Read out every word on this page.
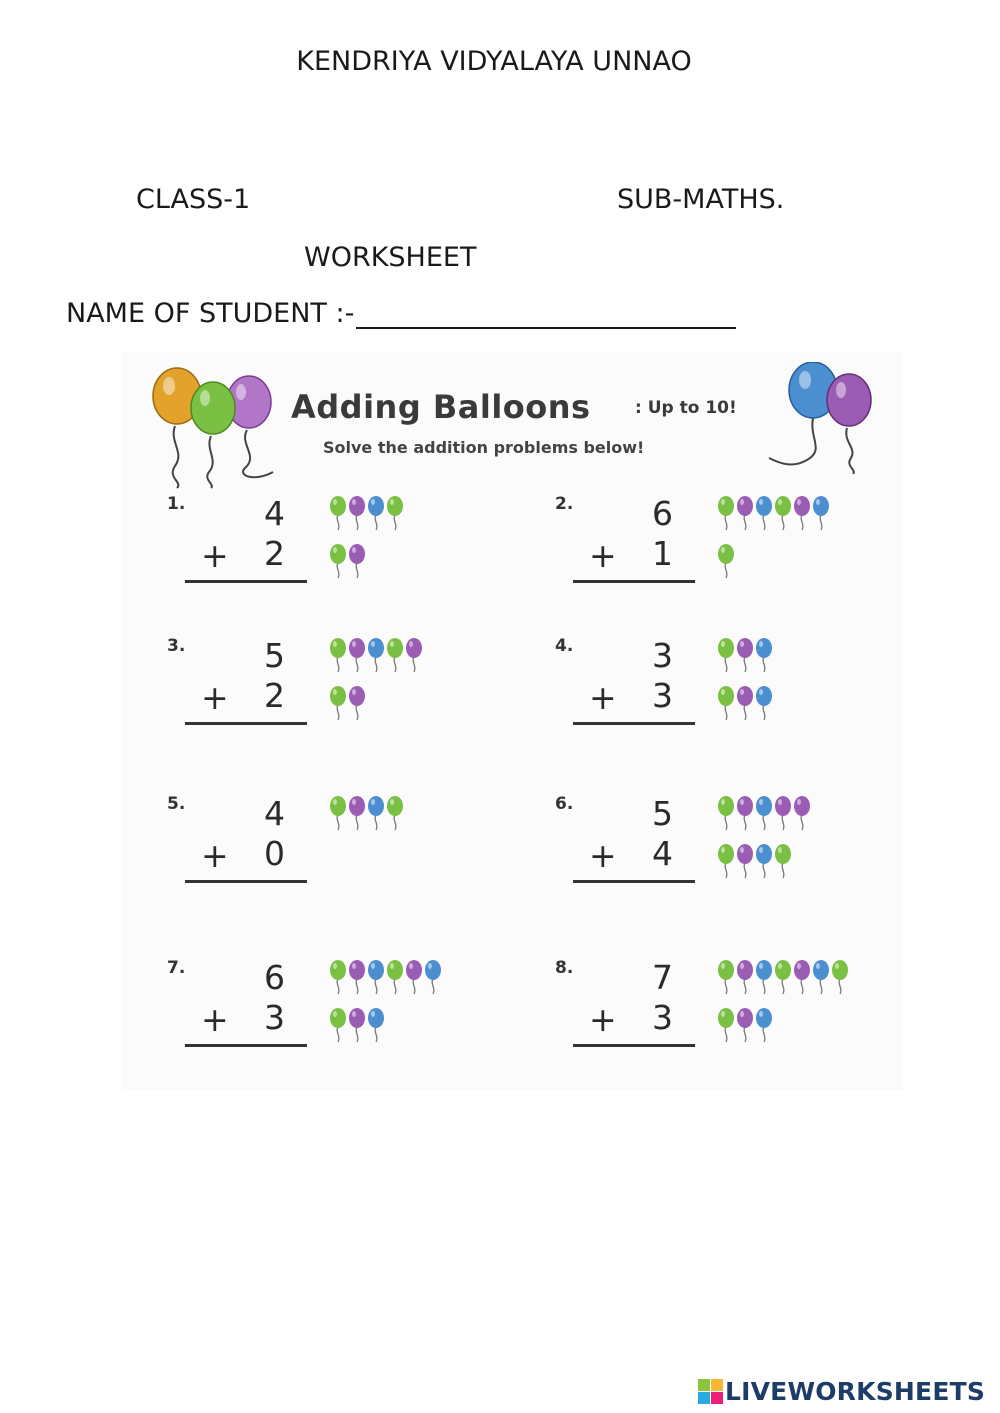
KENDRIYA VIDYALAYA UNNAO
CLASS-1	SUB-MATHS.
WORKSHEET
NAME OF STUDENT :-
Adding Balloons	: Up to 10!
Solve the addition problems below!
1.	4
+	2
2.	6
+	1
3.	5
+	2
4.	3
+	3
5.	4
+	0
6.	5
+	4
7.	6
+	3
8.	7
+	3
LIVEWORKSHEETS
